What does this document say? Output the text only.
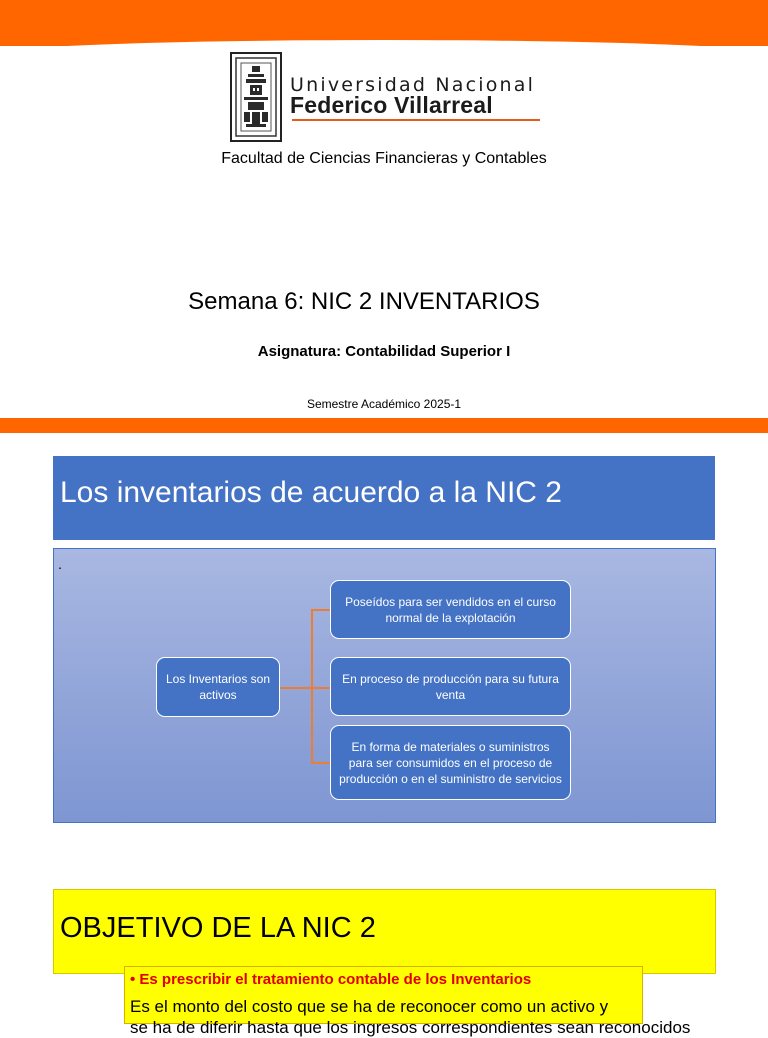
Universidad Nacional
Federico Villarreal
Facultad de Ciencias Financieras y Contables
Semana 6: NIC 2 INVENTARIOS
Asignatura: Contabilidad Superior I
Semestre Académico 2025-1
Los inventarios de acuerdo a la NIC 2
.
Los Inventarios son activos
Poseídos para ser vendidos en el curso normal de la explotación
En proceso de producción para su futura venta
En forma de materiales o suministros para ser consumidos en el proceso de producción o en el suministro de servicios
OBJETIVO DE LA NIC 2
• Es prescribir el tratamiento contable de los Inventarios
Es el monto del costo que se ha de reconocer como un activo y
se ha de diferir hasta que los ingresos correspondientes sean reconocidos
